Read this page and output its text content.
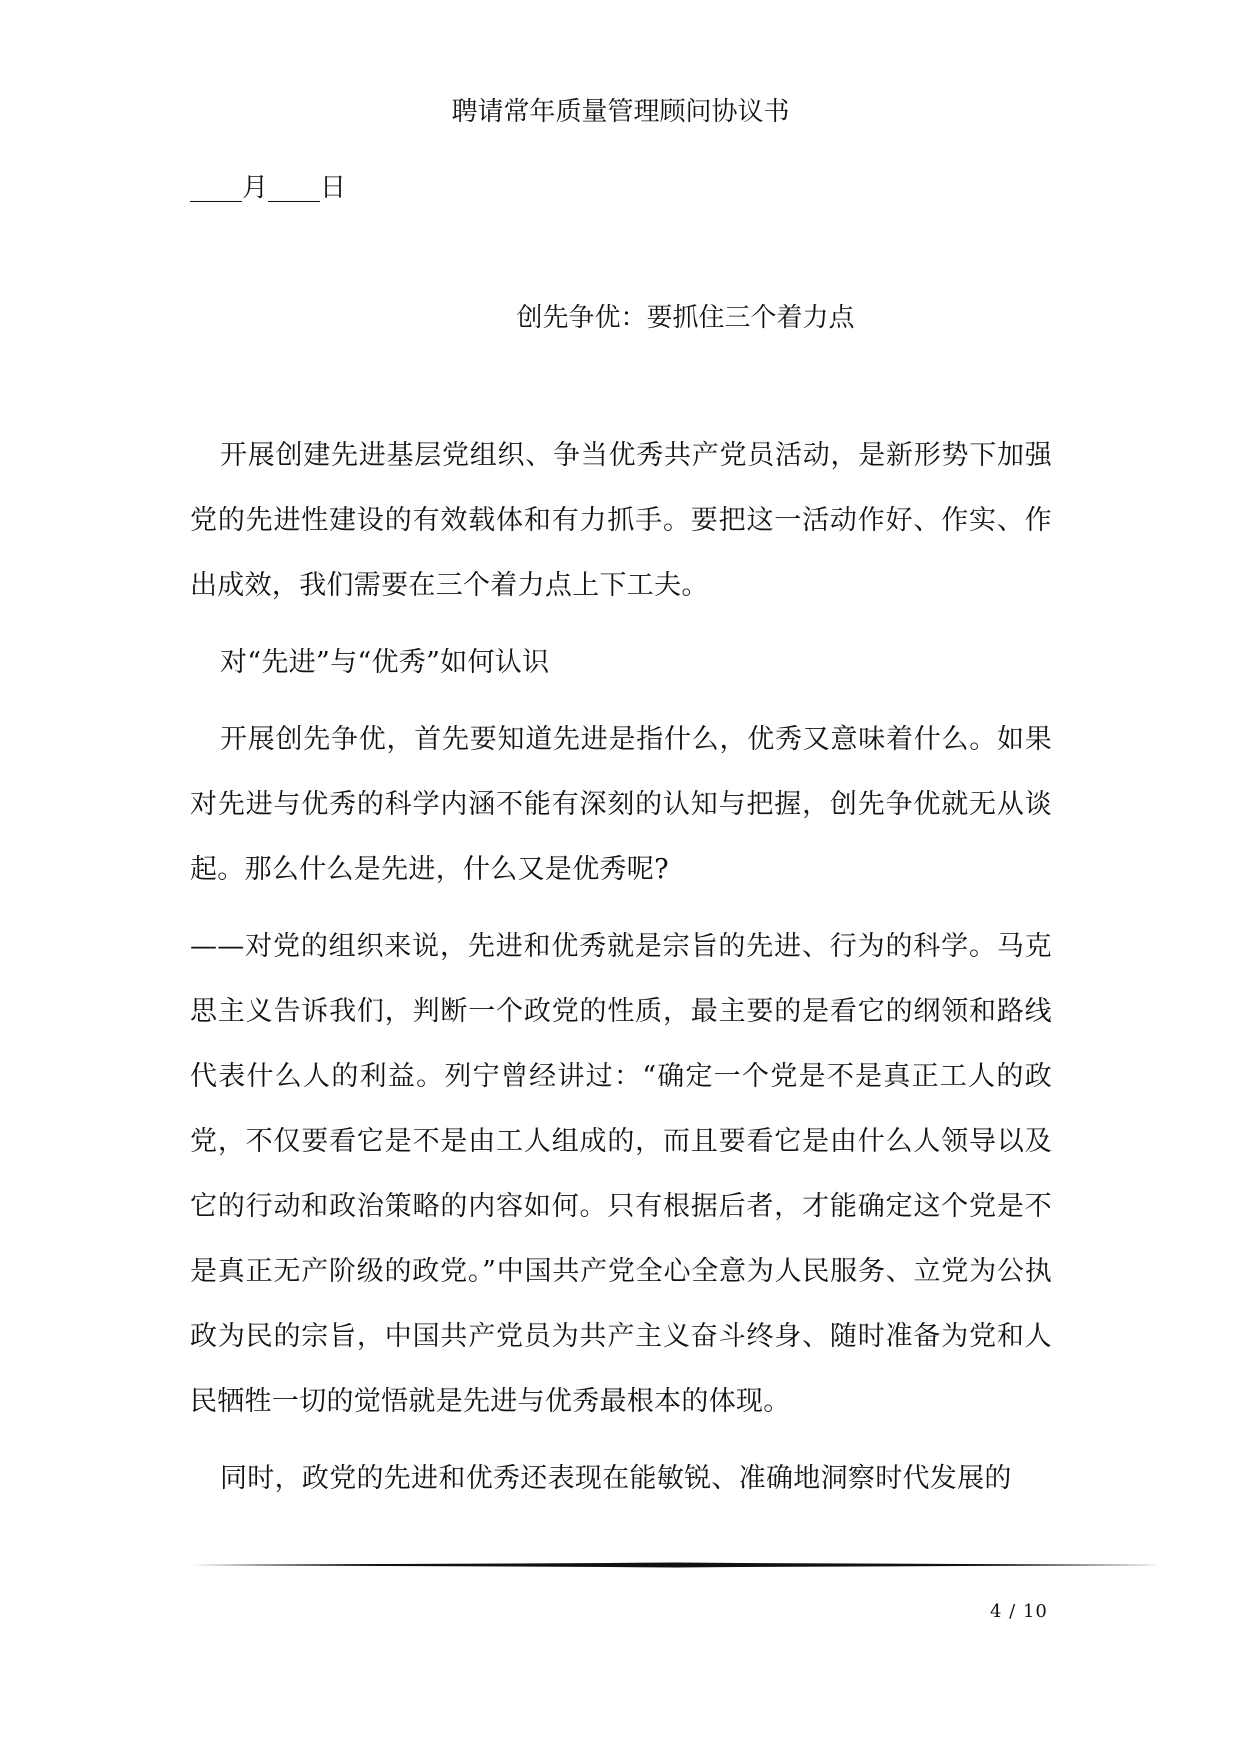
聘请常年质量管理顾问协议书

____月____日

创先争优：要抓住三个着力点

开展创建先进基层党组织、争当优秀共产党员活动，是新形势下加强党的先进性建设的有效载体和有力抓手。要把这一活动作好、作实、作出成效，我们需要在三个着力点上下工夫。

对“先进”与“优秀”如何认识

开展创先争优，首先要知道先进是指什么，优秀又意味着什么。如果对先进与优秀的科学内涵不能有深刻的认知与把握，创先争优就无从谈起。那么什么是先进，什么又是优秀呢?

——对党的组织来说，先进和优秀就是宗旨的先进、行为的科学。马克思主义告诉我们，判断一个政党的性质，最主要的是看它的纲领和路线代表什么人的利益。列宁曾经讲过：“确定一个党是不是真正工人的政党，不仅要看它是不是由工人组成的，而且要看它是由什么人领导以及它的行动和政治策略的内容如何。只有根据后者，才能确定这个党是不是真正无产阶级的政党。”中国共产党全心全意为人民服务、立党为公执政为民的宗旨，中国共产党员为共产主义奋斗终身、随时准备为党和人民牺牲一切的觉悟就是先进与优秀最根本的体现。

同时，政党的先进和优秀还表现在能敏锐、准确地洞察时代发展的

4 / 10
